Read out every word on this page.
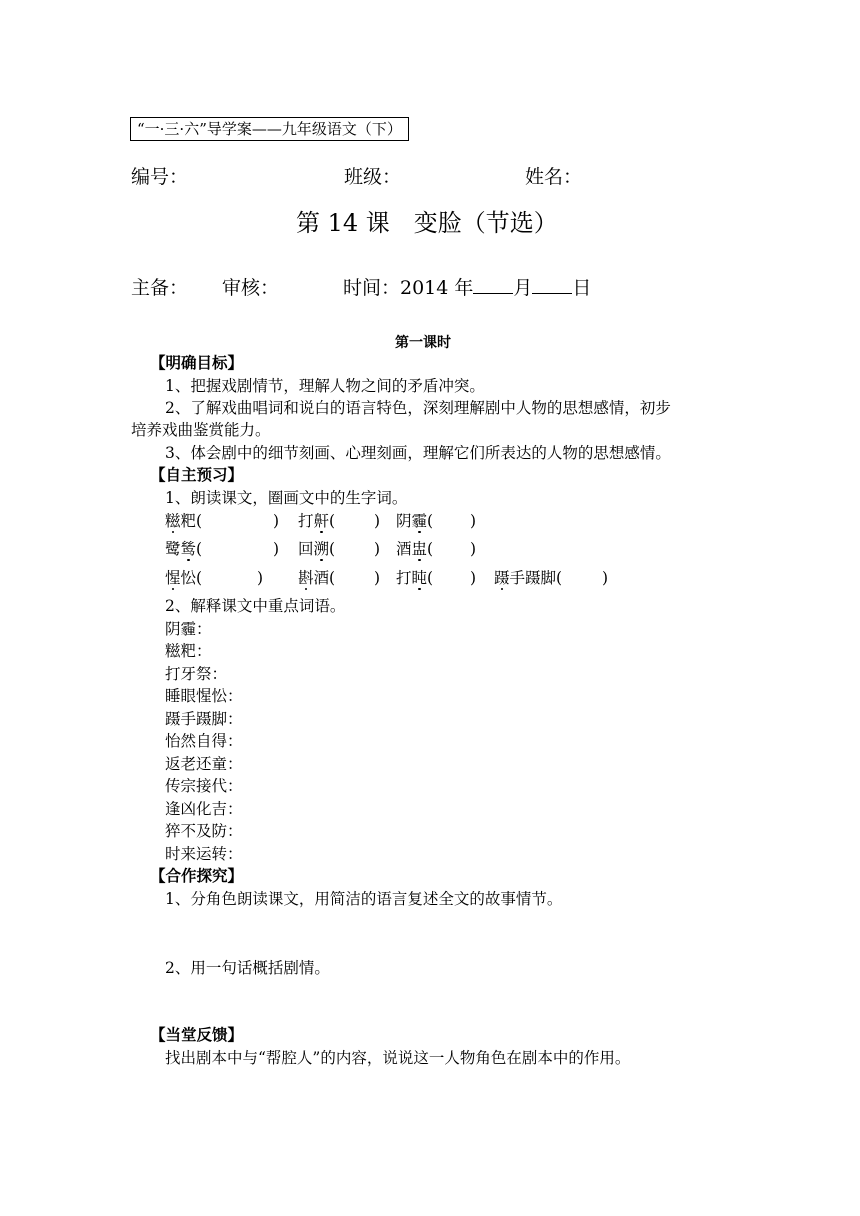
“一·三·六”导学案——九年级语文（下）
编号：	班级：	姓名：
第 14 课　变脸（节选）
主备： 审核：	时间：2014 年 月 日
第一课时
【明确目标】
1、把握戏剧情节，理解人物之间的矛盾冲突。
2、了解戏曲唱词和说白的语言特色，深刻理解剧中人物的思想感情，初步
培养戏曲鉴赏能力。
3、体会剧中的细节刻画、心理刻画，理解它们所表达的人物的思想感情。
【自主预习】
1、朗读课文，圈画文中的生字词。
糍粑(	) 打鼾(	) 阴霾( )
鹭鸶(	) 回溯(	) 酒盅( )
惺忪(	) 斟酒(	) 打盹( ) 蹑手蹑脚(	)
2、解释课文中重点词语。
阴霾：
糍粑：
打牙祭：
睡眼惺忪：
蹑手蹑脚：
怡然自得：
返老还童：
传宗接代：
逢凶化吉：
猝不及防：
时来运转：
【合作探究】
1、分角色朗读课文，用简洁的语言复述全文的故事情节。
2、用一句话概括剧情。
【当堂反馈】
找出剧本中与“帮腔人”的内容，说说这一人物角色在剧本中的作用。
